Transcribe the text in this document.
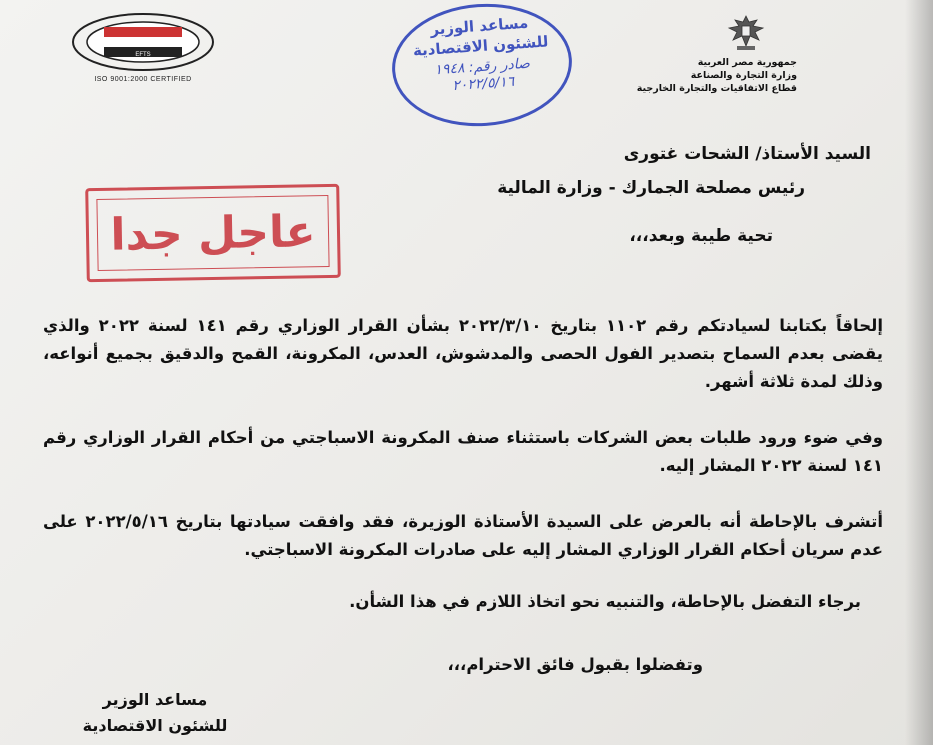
EFTS
ISO 9001:2000 CERTIFIED
مساعد الوزير
للشئون الاقتصادية
صادر رقم: ١٩٤٨
٢٠٢٢/٥/١٦
جمهورية مصر العربية
وزارة التجارة والصناعة
قطاع الاتفاقيات والتجارة الخارجية
عاجل جدا
السيد الأستاذ/ الشحات غتورى
رئيس مصلحة الجمارك - وزارة المالية
تحية طيبة وبعد،،،
إلحاقاً بكتابنا لسيادتكم رقم ١١٠٢ بتاريخ ٢٠٢٢/٣/١٠ بشأن القرار الوزاري رقم ١٤١ لسنة ٢٠٢٢ والذي يقضى بعدم السماح بتصدير الفول الحصى والمدشوش، العدس، المكرونة، القمح والدقيق بجميع أنواعه، وذلك لمدة ثلاثة أشهر.
وفي ضوء ورود طلبات بعض الشركات باستثناء صنف المكرونة الاسباجتي من أحكام القرار الوزاري رقم ١٤١ لسنة ٢٠٢٢ المشار إليه.
أتشرف بالإحاطة أنه بالعرض على السيدة الأستاذة الوزيرة، فقد وافقت سيادتها بتاريخ ٢٠٢٢/٥/١٦ على عدم سريان أحكام القرار الوزاري المشار إليه على صادرات المكرونة الاسباجتي.
برجاء التفضل بالإحاطة، والتنبيه نحو اتخاذ اللازم في هذا الشأن.
وتفضلوا بقبول فائق الاحترام،،،
مساعد الوزير
للشئون الاقتصادية
